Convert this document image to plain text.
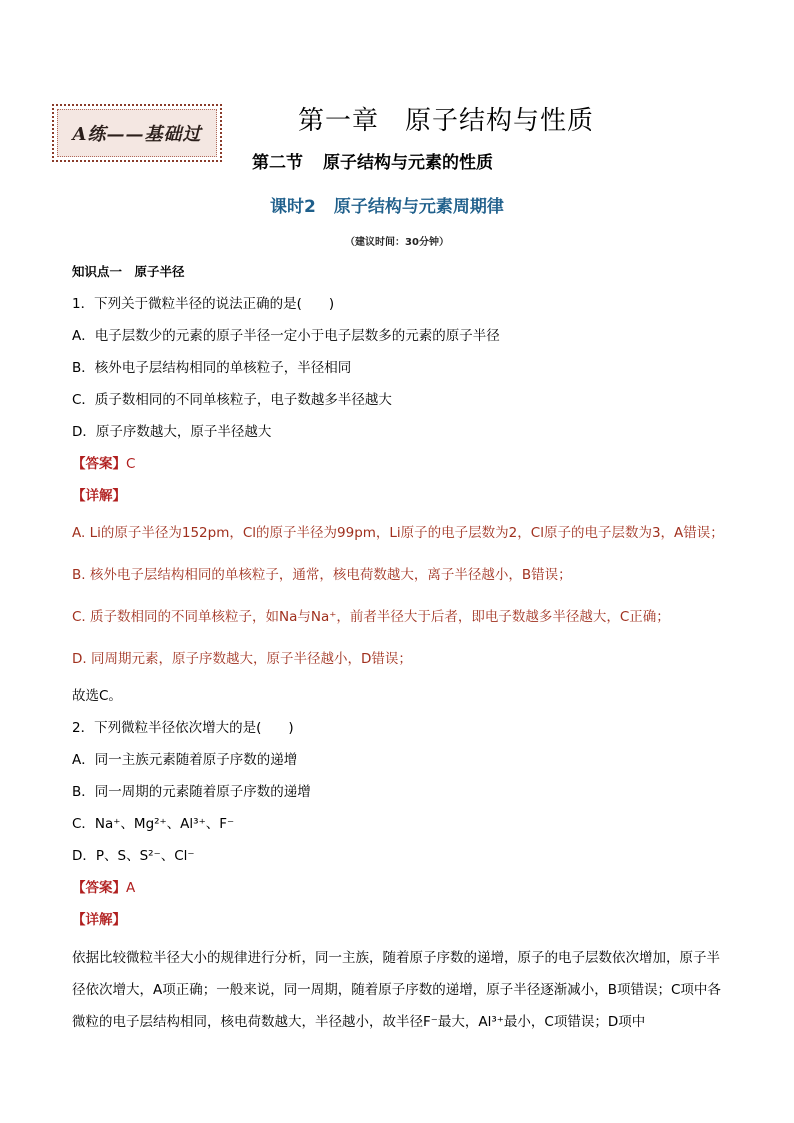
A练——基础过	第一章 原子结构与性质
第二节 原子结构与元素的性质
课时2 原子结构与元素周期律
（建议时间：30分钟）

知识点一　原子半径

1．下列关于微粒半径的说法正确的是(　　)

A．电子层数少的元素的原子半径一定小于电子层数多的元素的原子半径

B．核外电子层结构相同的单核粒子，半径相同

C．质子数相同的不同单核粒子，电子数越多半径越大

D．原子序数越大，原子半径越大

【答案】C

【详解】

A. Li的原子半径为152pm，Cl的原子半径为99pm，Li原子的电子层数为2，Cl原子的电子层数为3，A错误；

B. 核外电子层结构相同的单核粒子，通常，核电荷数越大，离子半径越小，B错误；

C. 质子数相同的不同单核粒子，如Na与Na⁺，前者半径大于后者，即电子数越多半径越大，C正确；

D. 同周期元素，原子序数越大，原子半径越小，D错误；

故选C。

2．下列微粒半径依次增大的是(　　)

A．同一主族元素随着原子序数的递增

B．同一周期的元素随着原子序数的递增

C．Na⁺、Mg²⁺、Al³⁺、F⁻

D．P、S、S²⁻、Cl⁻

【答案】A

【详解】

依据比较微粒半径大小的规律进行分析，同一主族，随着原子序数的递增，原子的电子层数依次增加，原子半径依次增大，A项正确；一般来说，同一周期，随着原子序数的递增，原子半径逐渐减小，B项错误；C项中各微粒的电子层结构相同，核电荷数越大，半径越小，故半径F⁻最大，Al³⁺最小，C项错误；D项中
